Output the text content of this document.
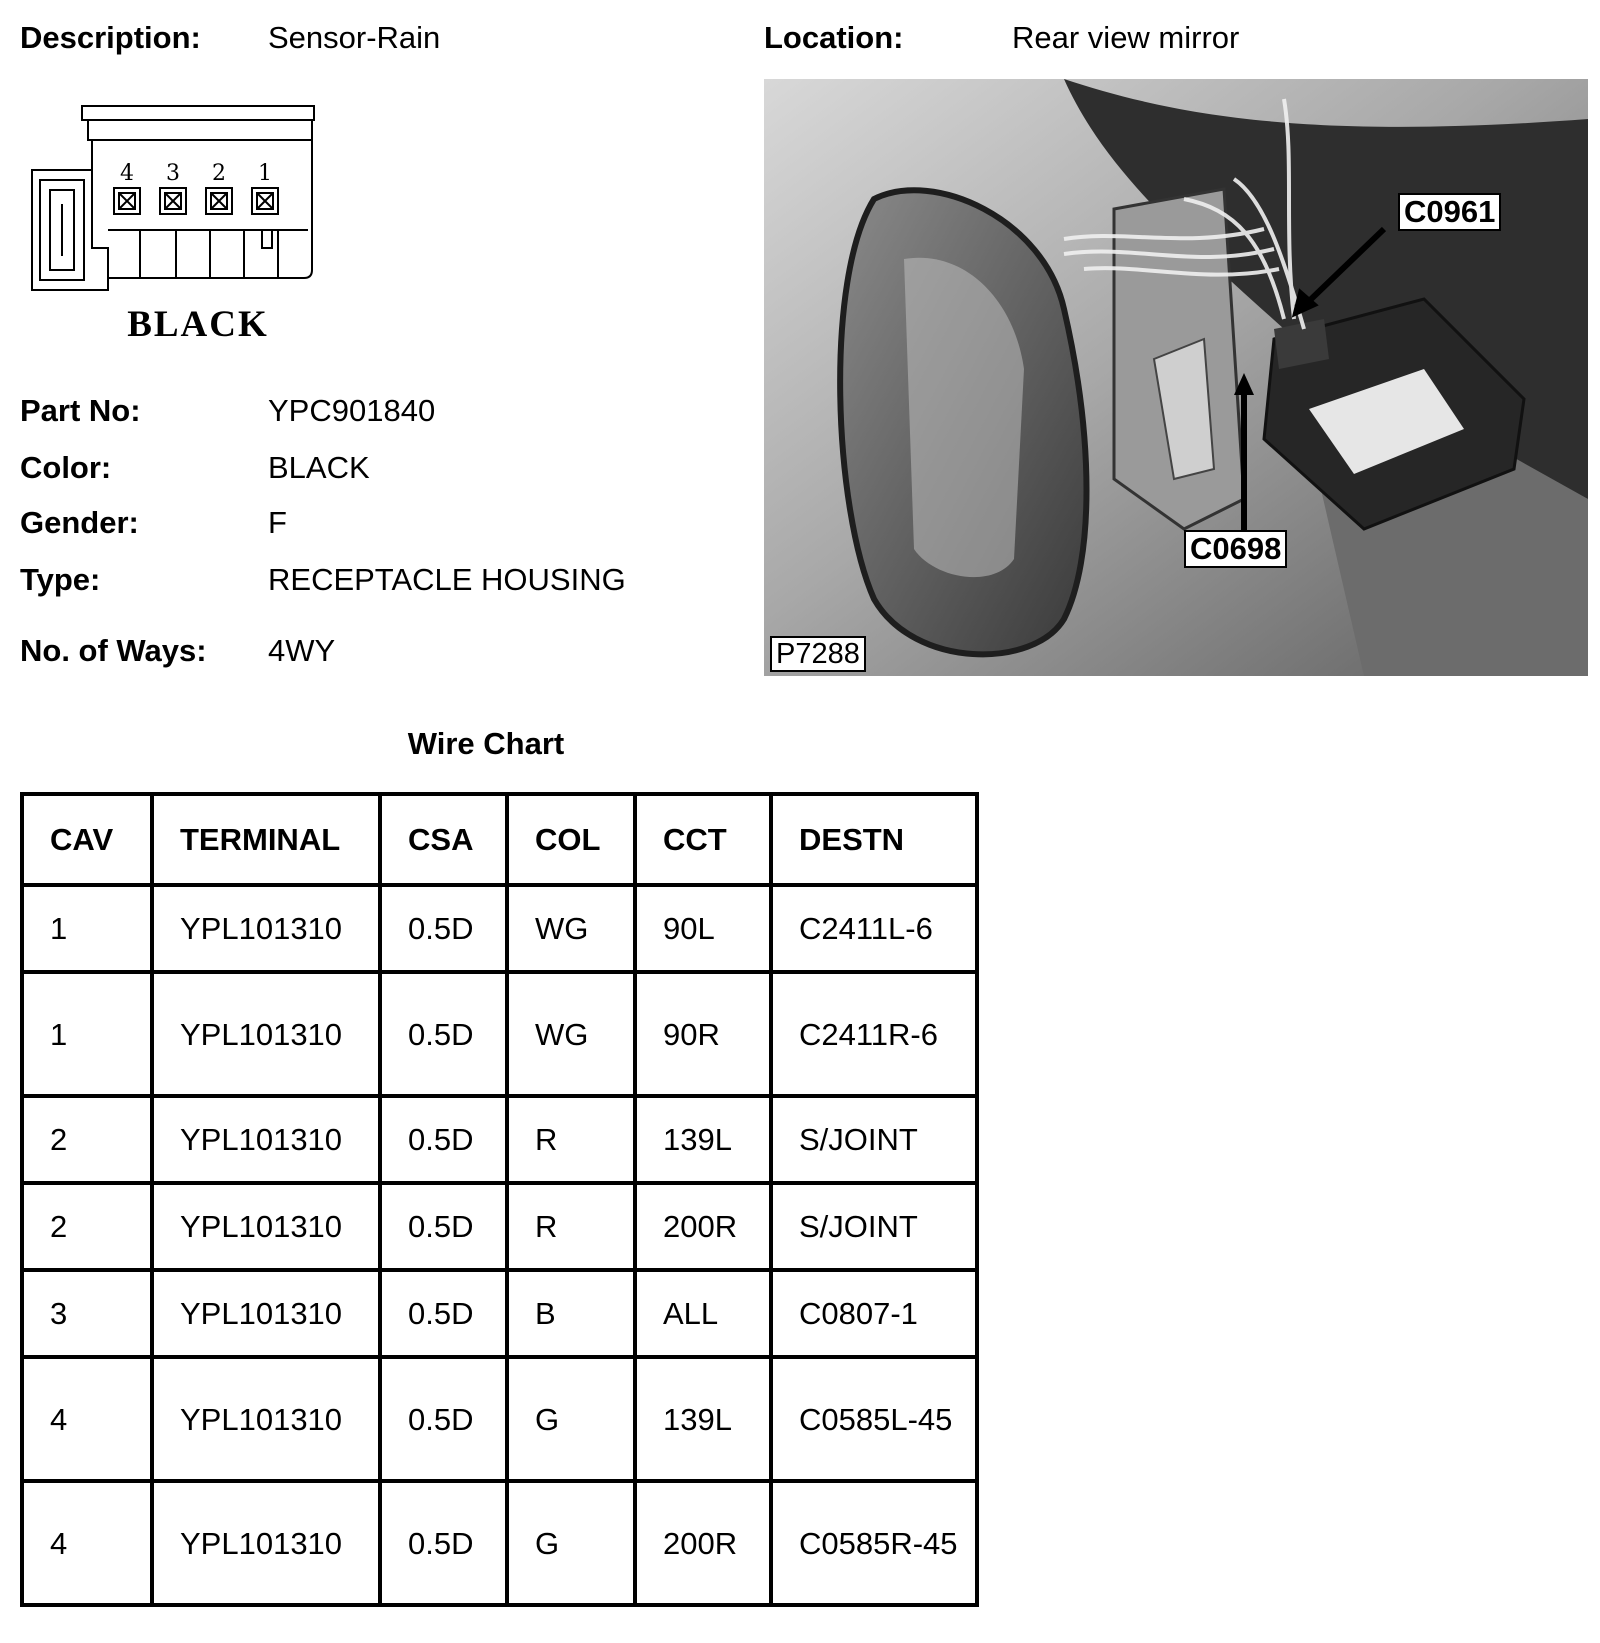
Description: Sensor-Rain	Location:	Rear view mirror
4 3 2 1
BLACK
Part No:	YPC901840
Color:	BLACK
Gender:	F
Type:	RECEPTACLE HOUSING
No. of Ways: 4WY
C0961
C0698
P7288
Wire Chart
CAV	TERMINAL	CSA	COL	CCT	DESTN
1	YPL101310	0.5D	WG	90L	C2411L-6
1	YPL101310	0.5D	WG	90R	C2411R-6
2	YPL101310	0.5D	R	139L	S/JOINT
2	YPL101310	0.5D	R	200R	S/JOINT
3	YPL101310	0.5D	B	ALL	C0807-1
4	YPL101310	0.5D	G	139L	C0585L-45
4	YPL101310	0.5D	G	200R	C0585R-45
